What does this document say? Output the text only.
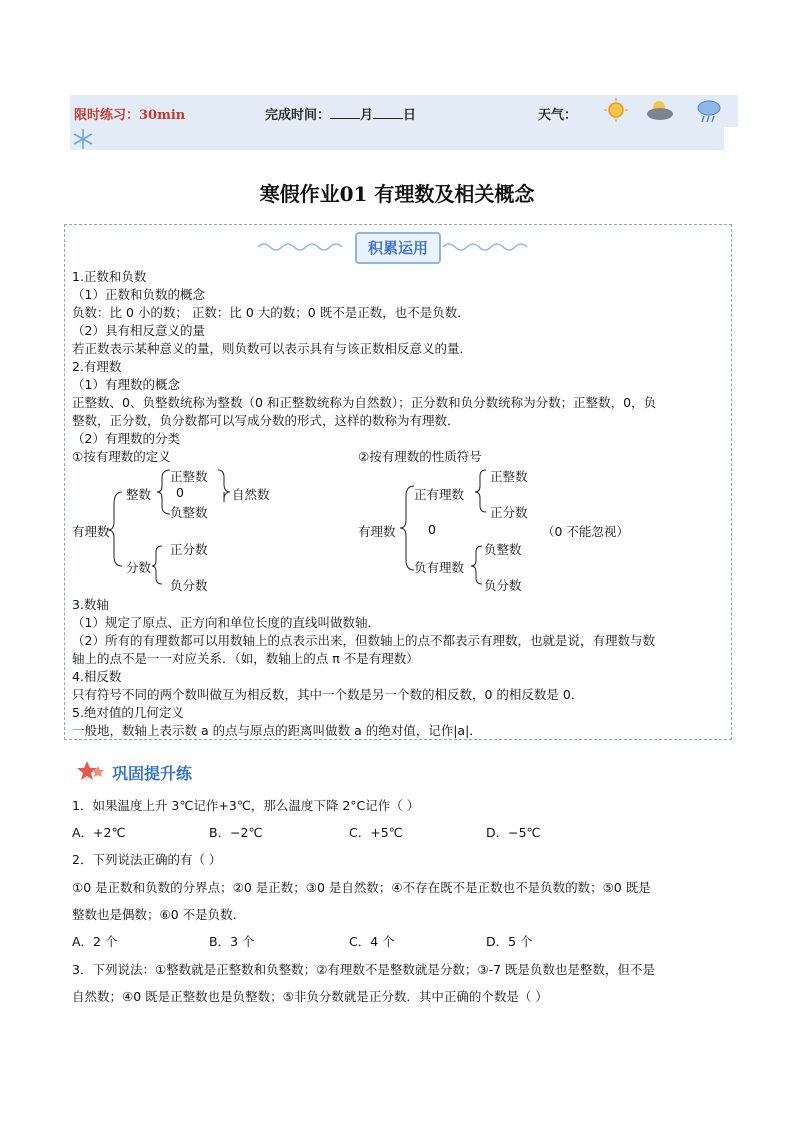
限时练习：30min	完成时间： 月 日	天气：
寒假作业01 有理数及相关概念
积累运用
1.正数和负数
（1）正数和负数的概念
负数：比 0 小的数； 正数：比 0 大的数；0 既不是正数，也不是负数．
（2）具有相反意义的量
若正数表示某种意义的量，则负数可以表示具有与该正数相反意义的量．
2.有理数
（1）有理数的概念
正整数、0、负整数统称为整数（0 和正整数统称为自然数）；正分数和负分数统称为分数；正整数，0，负
整数，正分数，负分数都可以写成分数的形式，这样的数称为有理数．
（2）有理数的分类
①按有理数的定义	②按有理数的性质符号
有理数
整数
正整数
0
负整数
自然数
分数
正分数
负分数
有理数
正有理数
正整数
正分数
0	（0 不能忽视）
负有理数
负整数
负分数
3.数轴
（1）规定了原点、正方向和单位长度的直线叫做数轴．
（2）所有的有理数都可以用数轴上的点表示出来，但数轴上的点不都表示有理数，也就是说，有理数与数
轴上的点不是一一对应关系．（如，数轴上的点 π 不是有理数）
4.相反数
只有符号不同的两个数叫做互为相反数，其中一个数是另一个数的相反数，0 的相反数是 0．
5.绝对值的几何定义
一般地，数轴上表示数 a 的点与原点的距离叫做数 a 的绝对值，记作|a|．
巩固提升练
1．如果温度上升 3℃记作+3℃，那么温度下降 2°C记作（ ）
A．+2℃	B．−2℃	C．+5℃	D．−5℃
2．下列说法正确的有（ ）
①0 是正数和负数的分界点；②0 是正数；③0 是自然数；④不存在既不是正数也不是负数的数；⑤0 既是
整数也是偶数；⑥0 不是负数．
A．2 个	B．3 个	C．4 个	D．5 个
3．下列说法：①整数就是正整数和负整数；②有理数不是整数就是分数；③-7 既是负数也是整数，但不是
自然数；④0 既是正整数也是负整数；⑤非负分数就是正分数．其中正确的个数是（ ）
